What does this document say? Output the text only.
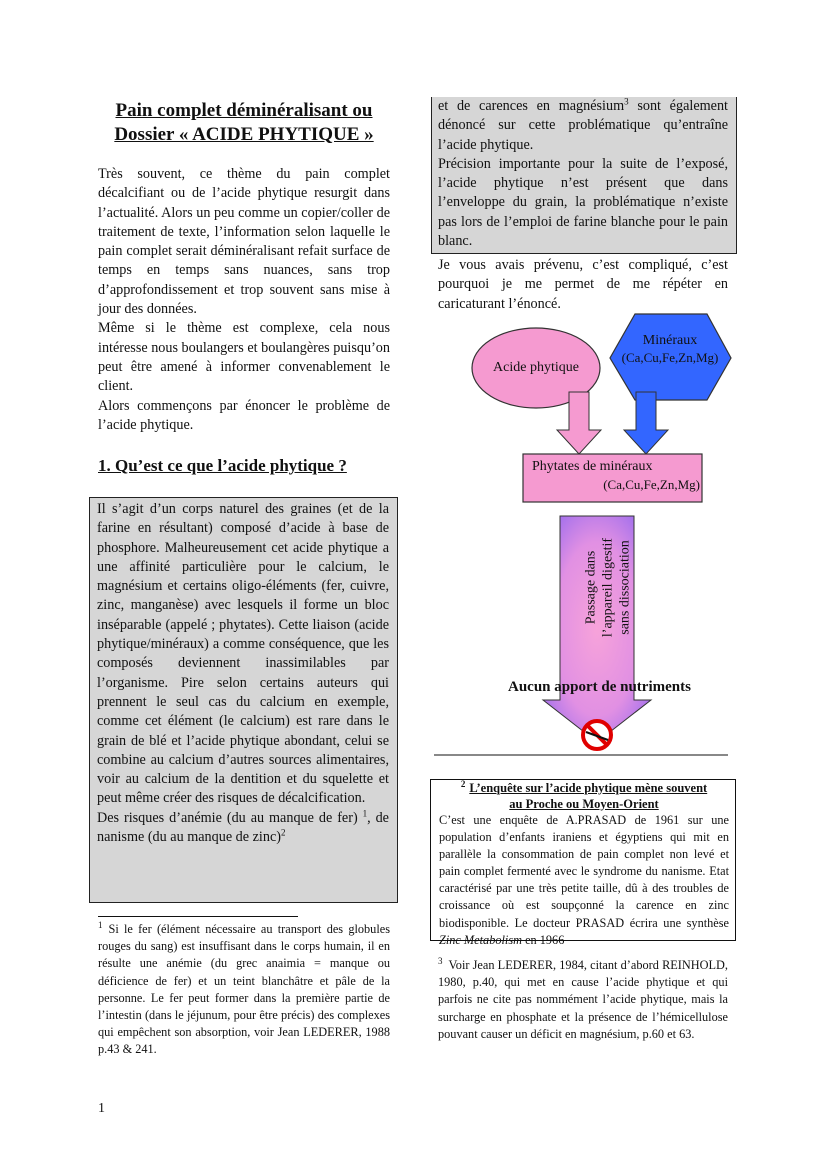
Pain complet déminéralisant ou
Dossier « ACIDE PHYTIQUE »

Très souvent, ce thème du pain complet décalcifiant ou de l’acide phytique resurgit dans l’actualité. Alors un peu comme un copier/coller de traitement de texte, l’information selon laquelle le pain complet serait déminéralisant refait surface de temps en temps sans nuances, sans trop d’approfondissement et trop souvent sans mise à jour des données.

Même si le thème est complexe, cela nous intéresse nous boulangers et boulangères puisqu’on peut être amené à informer convenablement le client.

Alors commençons par énoncer le problème de l’acide phytique.

1. Qu’est ce que l’acide phytique ?

Il s’agit d’un corps naturel des graines (et de la farine en résultant) composé d’acide à base de phosphore. Malheureusement cet acide phytique a une affinité particulière pour le calcium, le magnésium et certains oligo-éléments (fer, cuivre, zinc, manganèse) avec lesquels il forme un bloc inséparable (appelé ; phytates). Cette liaison (acide phytique/minéraux) a comme conséquence, que les composés deviennent inassimilables par l’organisme. Pire selon certains auteurs qui prennent le seul cas du calcium en exemple, comme cet élément (le calcium) est rare dans le grain de blé et l’acide phytique abondant, celui se combine au calcium d’autres sources alimentaires, voir au calcium de la dentition et du squelette et peut même créer des risques de décalcification.

Des risques d’anémie (du au manque de fer) $^1$, de nanisme (du au manque de zinc)$^2$

$^1$ Si le fer (élément nécessaire au transport des globules rouges du sang) est insuffisant dans le corps humain, il en résulte une anémie (du grec anaimia = manque ou déficience de fer) et un teint blanchâtre et pâle de la personne. Le fer peut former dans la première partie de l’intestin (dans le jéjunum, pour être précis) des complexes qui empêchent son absorption, voir Jean LEDERER, 1988 p.43 & 241.

et de carences en magnésium$^3$ sont également dénoncé sur cette problématique qu’entraîne l’acide phytique.

Précision importante pour la suite de l’exposé, l’acide phytique n’est présent que dans l’enveloppe du grain, la problématique n’existe pas lors de l’emploi de farine blanche pour le pain blanc.

Je vous avais prévenu, c’est compliqué, c’est pourquoi je me permet de me répéter en caricaturant l’énoncé.

Acide phytique
Minéraux
(Ca,Cu,Fe,Zn,Mg)
Phytates de minéraux
(Ca,Cu,Fe,Zn,Mg)
Passage dans l’appareil digestif sans dissociation
Aucun apport de nutriments
$^2$ L’enquête sur l’acide phytique mène souvent
au Proche ou Moyen-Orient

C’est une enquête de A.PRASAD de 1961 sur une population d’enfants iraniens et égyptiens qui mit en parallèle la consommation de pain complet non levé et pain complet fermenté avec le syndrome du nanisme. Etat caractérisé par une très petite taille, dû à des troubles de croissance où est soupçonné la carence en zinc biodisponible. Le docteur PRASAD écrira une synthèse Zinc Metabolism en 1966

$^3$ Voir Jean LEDERER, 1984, citant d’abord REINHOLD, 1980, p.40, qui met en cause l’acide phytique et qui parfois ne cite pas nommément l’acide phytique, mais la surcharge en phosphate et la présence de l’hémicellulose pouvant causer un déficit en magnésium, p.60 et 63.
1
